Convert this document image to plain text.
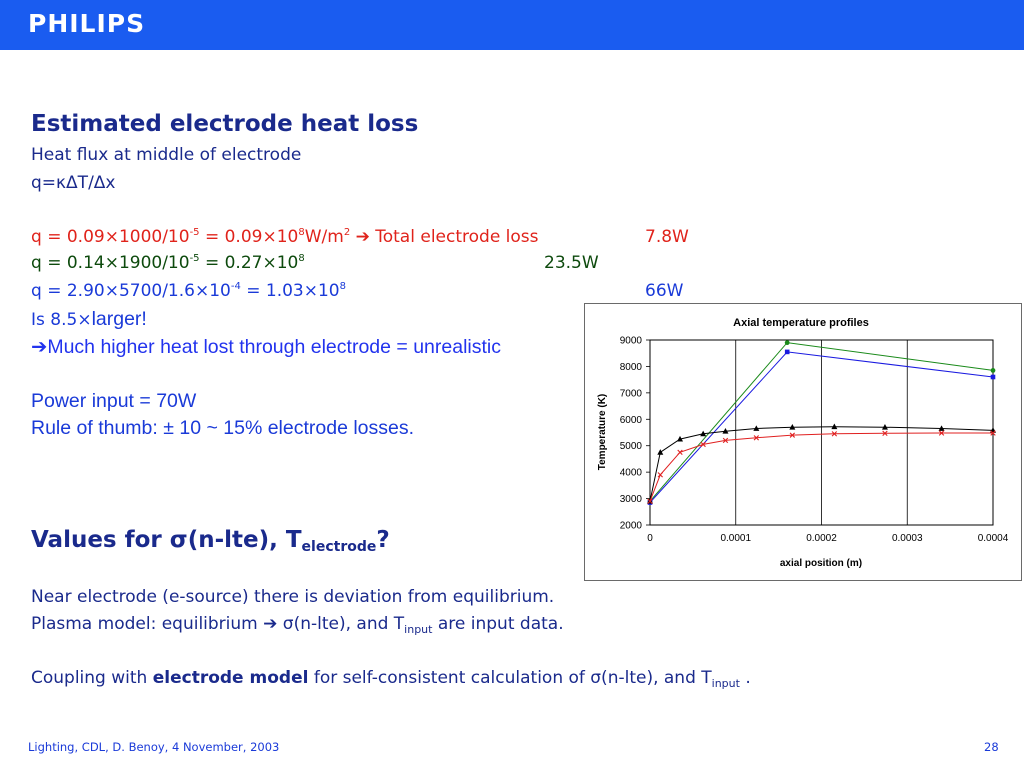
PHILIPS
Estimated electrode heat loss
Heat flux at middle of electrode
q=κΔT/Δx
$q = 0.09\times 1000/10^{-5} = 0.09\times 10^8W/m^2$ ➔ Total electrode loss	7.8W
$q = 0.14\times 1900/10^{-5} = 0.27\times 10^8$	23.5W
$q = 2.90\times 5700/1.6\times 10^{-4} = 1.03\times 10^8$	66W
Is 8.5×larger!
➔Much higher heat lost through electrode = unrealistic
Power input = 70W
Rule of thumb: ± 10 ~ 15% electrode losses.
Values for σ(n-lte), $T_{electrode}$?
Near electrode (e-source) there is deviation from equilibrium.
Plasma model: equilibrium ➔ σ(n-lte), and $T_{input}$ are input data.
Coupling with electrode model for self-consistent calculation of σ(n-lte), and $T_{input}$ .
Lighting, CDL, D. Benoy, 4 November, 2003	28
Axial temperature profiles
axial position (m)
Temperature (K)
0	0.0001	0.0002	0.0003	0.0004
2000
3000
4000
5000
6000
7000
8000
9000
